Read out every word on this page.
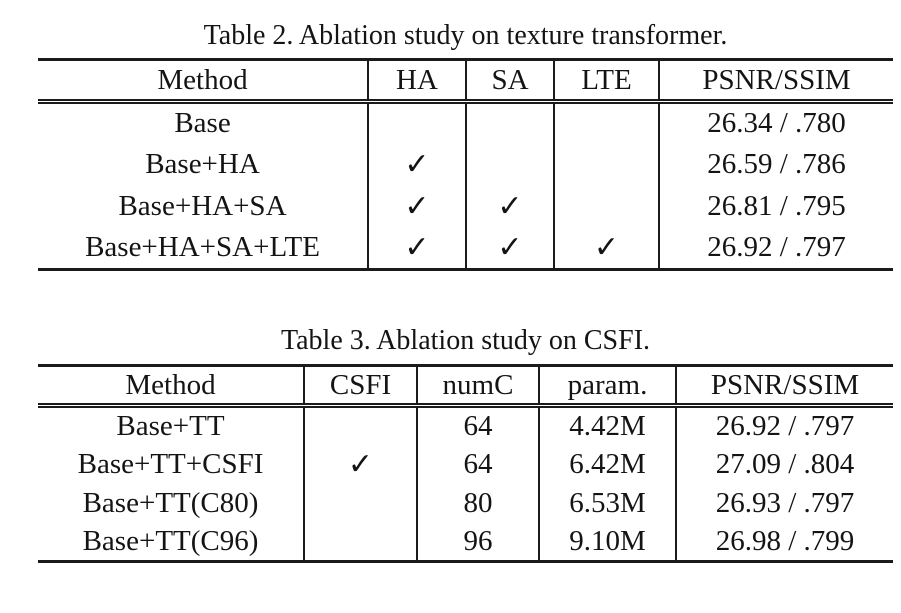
Table 2. Ablation study on texture transformer.
Method	HA	SA	LTE	PSNR/SSIM
Base				26.34 / .780
Base+HA	✓			26.59 / .786
Base+HA+SA	✓	✓		26.81 / .795
Base+HA+SA+LTE	✓	✓	✓	26.92 / .797
Table 3. Ablation study on CSFI.
Method	CSFI	numC	param.	PSNR/SSIM
Base+TT		64	4.42M	26.92 / .797
Base+TT+CSFI	✓	64	6.42M	27.09 / .804
Base+TT(C80)		80	6.53M	26.93 / .797
Base+TT(C96)		96	9.10M	26.98 / .799
